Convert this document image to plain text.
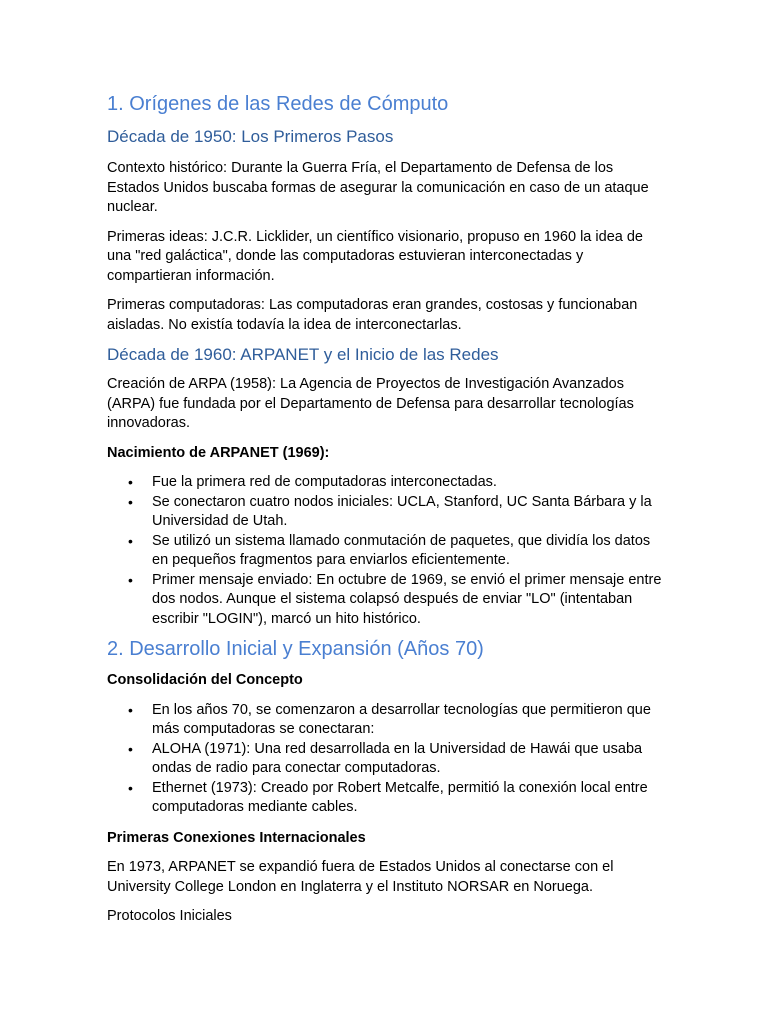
1. Orígenes de las Redes de Cómputo
Década de 1950: Los Primeros Pasos

Contexto histórico: Durante la Guerra Fría, el Departamento de Defensa de los Estados Unidos buscaba formas de asegurar la comunicación en caso de un ataque nuclear.

Primeras ideas: J.C.R. Licklider, un científico visionario, propuso en 1960 la idea de una "red galáctica", donde las computadoras estuvieran interconectadas y compartieran información.

Primeras computadoras: Las computadoras eran grandes, costosas y funcionaban aisladas. No existía todavía la idea de interconectarlas.

Década de 1960: ARPANET y el Inicio de las Redes

Creación de ARPA (1958): La Agencia de Proyectos de Investigación Avanzados (ARPA) fue fundada por el Departamento de Defensa para desarrollar tecnologías innovadoras.

Nacimiento de ARPANET (1969):

• Fue la primera red de computadoras interconectadas.
• Se conectaron cuatro nodos iniciales: UCLA, Stanford, UC Santa Bárbara y la Universidad de Utah.
• Se utilizó un sistema llamado conmutación de paquetes, que dividía los datos en pequeños fragmentos para enviarlos eficientemente.
• Primer mensaje enviado: En octubre de 1969, se envió el primer mensaje entre dos nodos. Aunque el sistema colapsó después de enviar "LO" (intentaban escribir "LOGIN"), marcó un hito histórico.
2. Desarrollo Inicial y Expansión (Años 70)

Consolidación del Concepto

• En los años 70, se comenzaron a desarrollar tecnologías que permitieron que más computadoras se conectaran:
• ALOHA (1971): Una red desarrollada en la Universidad de Hawái que usaba ondas de radio para conectar computadoras.
• Ethernet (1973): Creado por Robert Metcalfe, permitió la conexión local entre computadoras mediante cables.

Primeras Conexiones Internacionales

En 1973, ARPANET se expandió fuera de Estados Unidos al conectarse con el University College London en Inglaterra y el Instituto NORSAR en Noruega.

Protocolos Iniciales
